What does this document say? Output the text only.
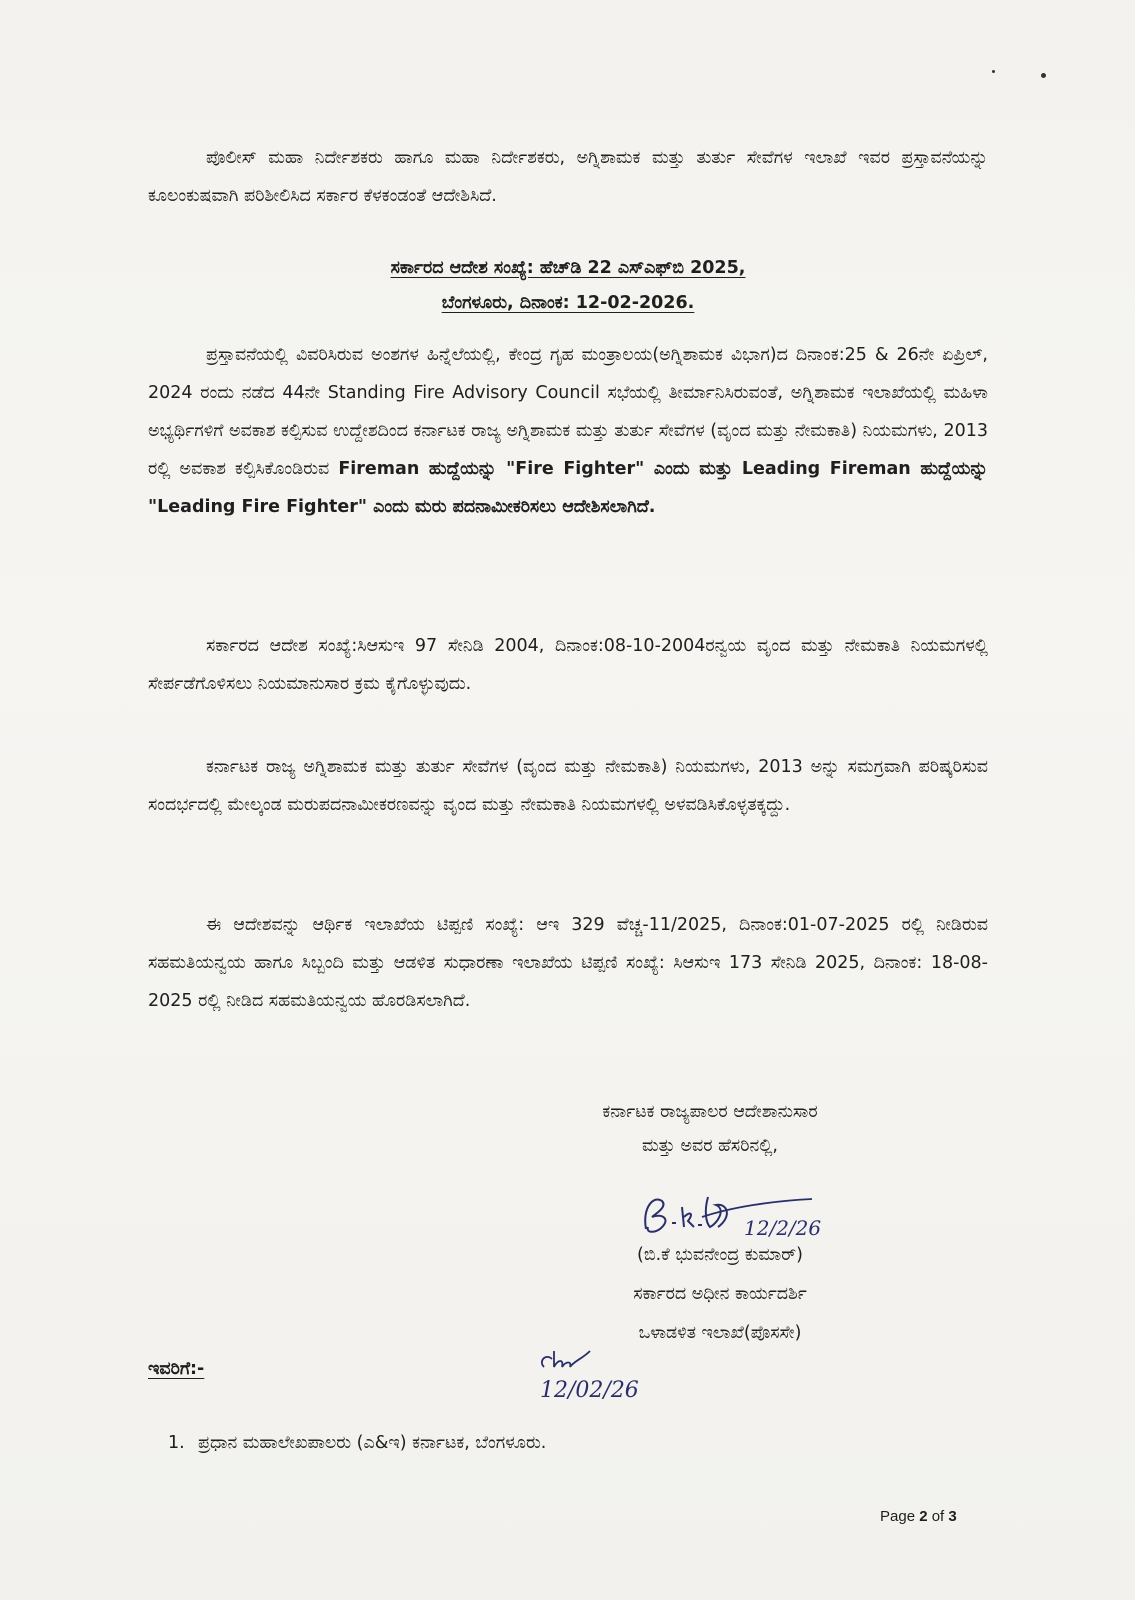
ಪೊಲೀಸ್ ಮಹಾ ನಿರ್ದೇಶಕರು ಹಾಗೂ ಮಹಾ ನಿರ್ದೇಶಕರು, ಅಗ್ನಿಶಾಮಕ ಮತ್ತು ತುರ್ತು ಸೇವೆಗಳ ಇಲಾಖೆ ಇವರ ಪ್ರಸ್ತಾವನೆಯನ್ನು ಕೂಲಂಕುಷವಾಗಿ ಪರಿಶೀಲಿಸಿದ ಸರ್ಕಾರ ಕೆಳಕಂಡಂತೆ ಆದೇಶಿಸಿದೆ.

ಸರ್ಕಾರದ ಆದೇಶ ಸಂಖ್ಯೆ: ಹೆಚ್‌ಡಿ 22 ಎಸ್‌ಎಫ್‌ಬಿ 2025,
ಬೆಂಗಳೂರು, ದಿನಾಂಕ: 12-02-2026.

ಪ್ರಸ್ತಾವನೆಯಲ್ಲಿ ವಿವರಿಸಿರುವ ಅಂಶಗಳ ಹಿನ್ನೆಲೆಯಲ್ಲಿ, ಕೇಂದ್ರ ಗೃಹ ಮಂತ್ರಾಲಯ(ಅಗ್ನಿಶಾಮಕ ವಿಭಾಗ)ದ ದಿನಾಂಕ:25 & 26ನೇ ಏಪ್ರಿಲ್, 2024 ರಂದು ನಡೆದ 44ನೇ Standing Fire Advisory Council ಸಭೆಯಲ್ಲಿ ತೀರ್ಮಾನಿಸಿರುವಂತೆ, ಅಗ್ನಿಶಾಮಕ ಇಲಾಖೆಯಲ್ಲಿ ಮಹಿಳಾ ಅಭ್ಯರ್ಥಿಗಳಿಗೆ ಅವಕಾಶ ಕಲ್ಪಿಸುವ ಉದ್ದೇಶದಿಂದ ಕರ್ನಾಟಕ ರಾಜ್ಯ ಅಗ್ನಿಶಾಮಕ ಮತ್ತು ತುರ್ತು ಸೇವೆಗಳ (ವೃಂದ ಮತ್ತು ನೇಮಕಾತಿ) ನಿಯಮಗಳು, 2013 ರಲ್ಲಿ ಅವಕಾಶ ಕಲ್ಪಿಸಿಕೊಂಡಿರುವ Fireman ಹುದ್ದೆಯನ್ನು "Fire Fighter" ಎಂದು ಮತ್ತು Leading Fireman ಹುದ್ದೆಯನ್ನು "Leading Fire Fighter" ಎಂದು ಮರು ಪದನಾಮೀಕರಿಸಲು ಆದೇಶಿಸಲಾಗಿದೆ.

ಸರ್ಕಾರದ ಆದೇಶ ಸಂಖ್ಯೆ:ಸಿಆಸುಇ 97 ಸೇನಿಡಿ 2004, ದಿನಾಂಕ:08-10-2004ರನ್ವಯ ವೃಂದ ಮತ್ತು ನೇಮಕಾತಿ ನಿಯಮಗಳಲ್ಲಿ ಸೇರ್ಪಡೆಗೊಳಿಸಲು ನಿಯಮಾನುಸಾರ ಕ್ರಮ ಕೈಗೊಳ್ಳುವುದು.

ಕರ್ನಾಟಕ ರಾಜ್ಯ ಅಗ್ನಿಶಾಮಕ ಮತ್ತು ತುರ್ತು ಸೇವೆಗಳ (ವೃಂದ ಮತ್ತು ನೇಮಕಾತಿ) ನಿಯಮಗಳು, 2013 ಅನ್ನು ಸಮಗ್ರವಾಗಿ ಪರಿಷ್ಕರಿಸುವ ಸಂದರ್ಭದಲ್ಲಿ ಮೇಲ್ಕಂಡ ಮರುಪದನಾಮೀಕರಣವನ್ನು ವೃಂದ ಮತ್ತು ನೇಮಕಾತಿ ನಿಯಮಗಳಲ್ಲಿ ಅಳವಡಿಸಿಕೊಳ್ಳತಕ್ಕದ್ದು.

ಈ ಆದೇಶವನ್ನು ಆರ್ಥಿಕ ಇಲಾಖೆಯ ಟಿಪ್ಪಣಿ ಸಂಖ್ಯೆ: ಆಇ 329 ವೆಚ್ಚ-11/2025, ದಿನಾಂಕ:01-07-2025 ರಲ್ಲಿ ನೀಡಿರುವ ಸಹಮತಿಯನ್ವಯ ಹಾಗೂ ಸಿಬ್ಬಂದಿ ಮತ್ತು ಆಡಳಿತ ಸುಧಾರಣಾ ಇಲಾಖೆಯ ಟಿಪ್ಪಣಿ ಸಂಖ್ಯೆ: ಸಿಆಸುಇ 173 ಸೇನಿಡಿ 2025, ದಿನಾಂಕ: 18-08-2025 ರಲ್ಲಿ ನೀಡಿದ ಸಹಮತಿಯನ್ವಯ ಹೊರಡಿಸಲಾಗಿದೆ.

ಕರ್ನಾಟಕ ರಾಜ್ಯಪಾಲರ ಆದೇಶಾನುಸಾರ
ಮತ್ತು ಅವರ ಹೆಸರಿನಲ್ಲಿ,
12/2/26
(ಬಿ.ಕೆ ಭುವನೇಂದ್ರ ಕುಮಾರ್)
ಸರ್ಕಾರದ ಅಧೀನ ಕಾರ್ಯದರ್ಶಿ
ಒಳಾಡಳಿತ ಇಲಾಖೆ(ಪೊಸಸೇ)
ಇವರಿಗೆ:-
12/02/26
1. ಪ್ರಧಾನ ಮಹಾಲೇಖಪಾಲರು (ಎ&ಇ) ಕರ್ನಾಟಕ, ಬೆಂಗಳೂರು.
Page 2 of 3
